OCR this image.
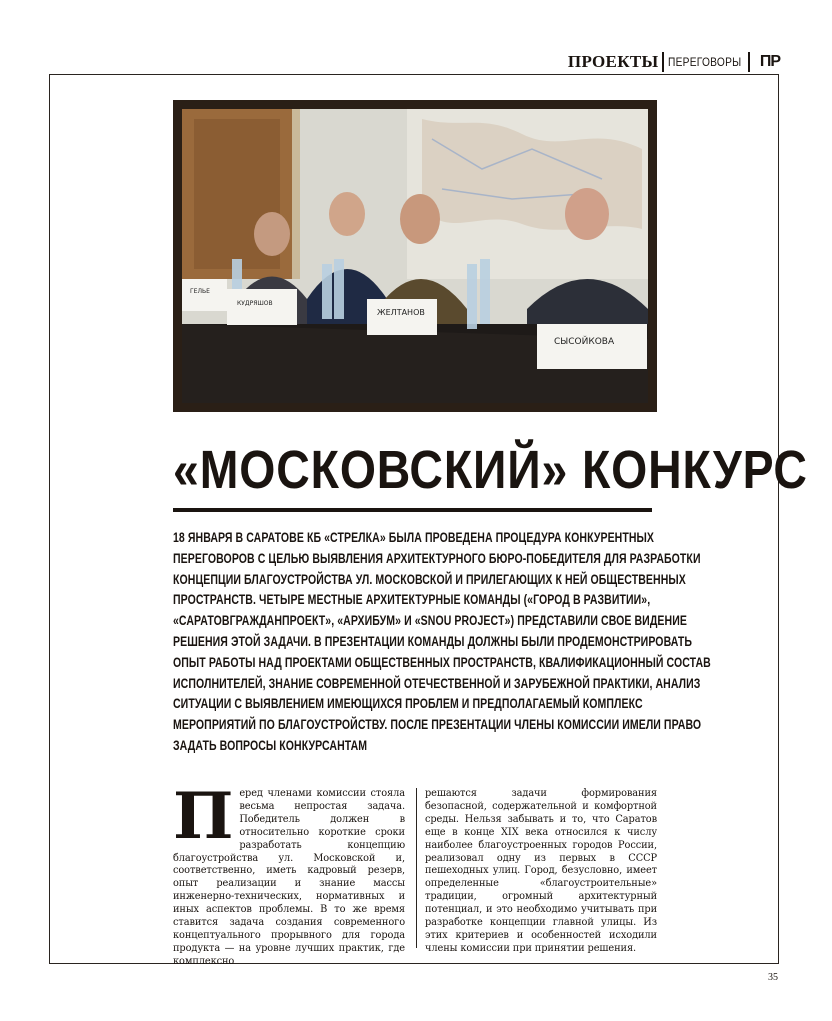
ПРОЕКТЫ ПЕРЕГОВОРЫ ПР
ГЕЛЬЕ
КУДРЯШОВ
ЖЕЛТАНОВ
СЫСОЙКОВА
«МОСКОВСКИЙ» КОНКУРС
18 ЯНВАРЯ В САРАТОВЕ КБ «СТРЕЛКА» БЫЛА ПРОВЕДЕНА ПРОЦЕДУРА КОНКУРЕНТНЫХ ПЕРЕГОВОРОВ С ЦЕЛЬЮ ВЫЯВЛЕНИЯ АРХИТЕКТУРНОГО БЮРО-ПОБЕДИТЕЛЯ ДЛЯ РАЗРАБОТКИ КОНЦЕПЦИИ БЛАГОУСТРОЙСТВА УЛ. МОСКОВСКОЙ И ПРИЛЕГАЮЩИХ К НЕЙ ОБЩЕСТВЕННЫХ ПРОСТРАНСТВ. ЧЕТЫРЕ МЕСТНЫЕ АРХИТЕКТУРНЫЕ КОМАНДЫ («ГОРОД В РАЗВИТИИ», «САРАТОВГРАЖДАНПРОЕКТ», «АРХИБУМ» И «SNOU PROJECT») ПРЕДСТАВИЛИ СВОЕ ВИДЕНИЕ РЕШЕНИЯ ЭТОЙ ЗАДАЧИ. В ПРЕЗЕНТАЦИИ КОМАНДЫ ДОЛЖНЫ БЫЛИ ПРОДЕМОНСТРИРОВАТЬ ОПЫТ РАБОТЫ НАД ПРОЕКТАМИ ОБЩЕСТВЕННЫХ ПРОСТРАНСТВ, КВАЛИФИКАЦИОННЫЙ СОСТАВ ИСПОЛНИТЕЛЕЙ, ЗНАНИЕ СОВРЕМЕННОЙ ОТЕЧЕСТВЕННОЙ И ЗАРУБЕЖНОЙ ПРАКТИКИ, АНАЛИЗ СИТУАЦИИ С ВЫЯВЛЕНИЕМ ИМЕЮЩИХСЯ ПРОБЛЕМ И ПРЕДПОЛАГАЕМЫЙ КОМПЛЕКС МЕРОПРИЯТИЙ ПО БЛАГОУСТРОЙСТВУ. ПОСЛЕ ПРЕЗЕНТАЦИИ ЧЛЕНЫ КОМИССИИ ИМЕЛИ ПРАВО ЗАДАТЬ ВОПРОСЫ КОНКУРСАНТАМ
Перед членами комиссии стояла весьма непростая задача. Победитель должен в относительно короткие сроки разработать концепцию благоустройства ул. Московской и, соответственно, иметь кадровый резерв, опыт реализации и знание массы инженерно-технических, нормативных и иных аспектов проблемы. В то же время ставится задача создания современного концептуального прорывного для города продукта — на уровне лучших практик, где комплексно
решаются задачи формирования безопасной, содержательной и комфортной среды. Нельзя забывать и то, что Саратов еще в конце XIX века относился к числу наиболее благоустроенных городов России, реализовал одну из первых в СССР пешеходных улиц. Город, безусловно, имеет определенные «благоустроительные» традиции, огромный архитектурный потенциал, и это необходимо учитывать при разработке концепции главной улицы. Из этих критериев и особенностей исходили члены комиссии при принятии решения.
35
